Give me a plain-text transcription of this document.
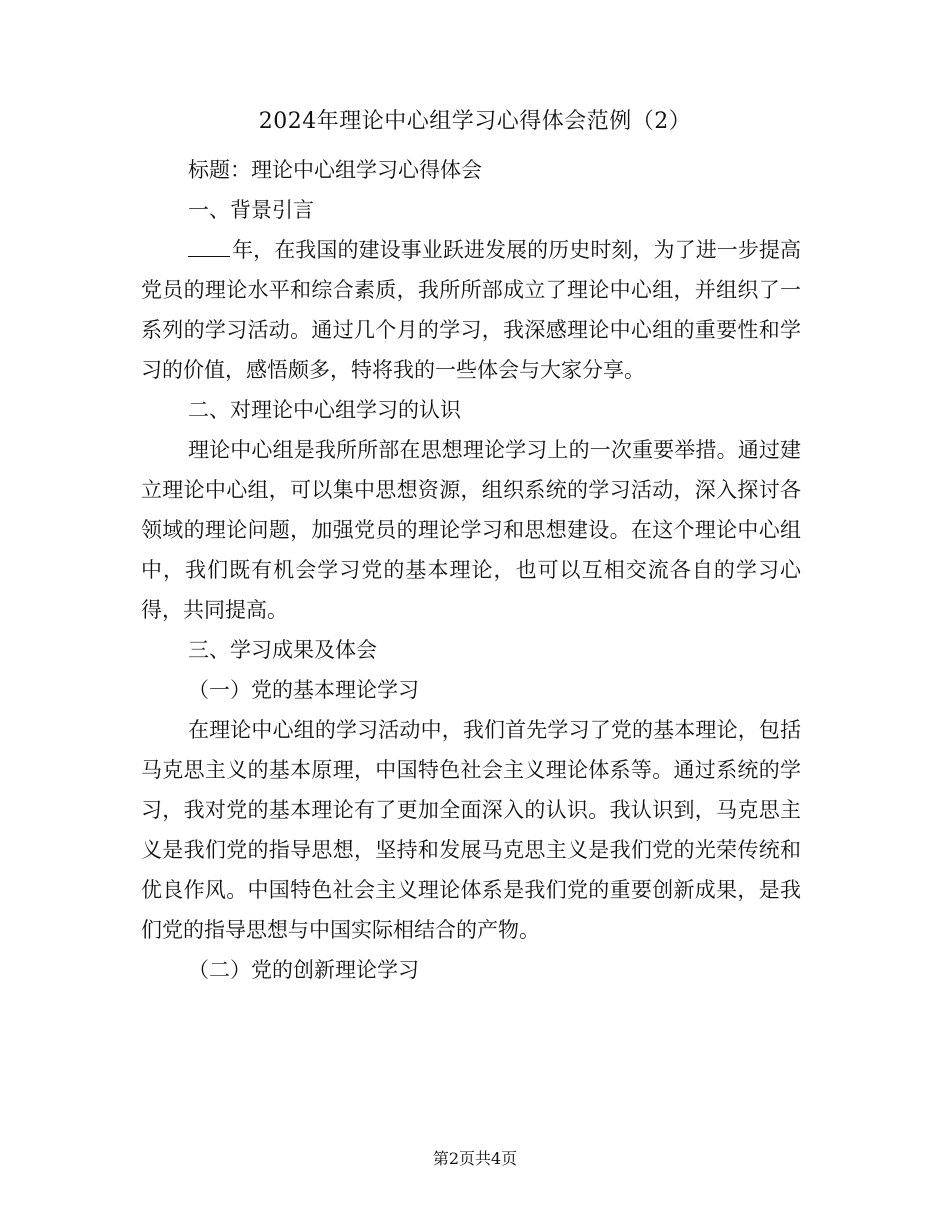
2024年理论中心组学习心得体会范例（2）

标题：理论中心组学习心得体会

一、背景引言

年，在我国的建设事业跃进发展的历史时刻，为了进一步提高党员的理论水平和综合素质，我所所部成立了理论中心组，并组织了一系列的学习活动。通过几个月的学习，我深感理论中心组的重要性和学习的价值，感悟颇多，特将我的一些体会与大家分享。

二、对理论中心组学习的认识

理论中心组是我所所部在思想理论学习上的一次重要举措。通过建立理论中心组，可以集中思想资源，组织系统的学习活动，深入探讨各领域的理论问题，加强党员的理论学习和思想建设。在这个理论中心组中，我们既有机会学习党的基本理论，也可以互相交流各自的学习心得，共同提高。

三、学习成果及体会

（一）党的基本理论学习

在理论中心组的学习活动中，我们首先学习了党的基本理论，包括马克思主义的基本原理，中国特色社会主义理论体系等。通过系统的学习，我对党的基本理论有了更加全面深入的认识。我认识到，马克思主义是我们党的指导思想，坚持和发展马克思主义是我们党的光荣传统和优良作风。中国特色社会主义理论体系是我们党的重要创新成果，是我们党的指导思想与中国实际相结合的产物。

（二）党的创新理论学习

第2页共4页
